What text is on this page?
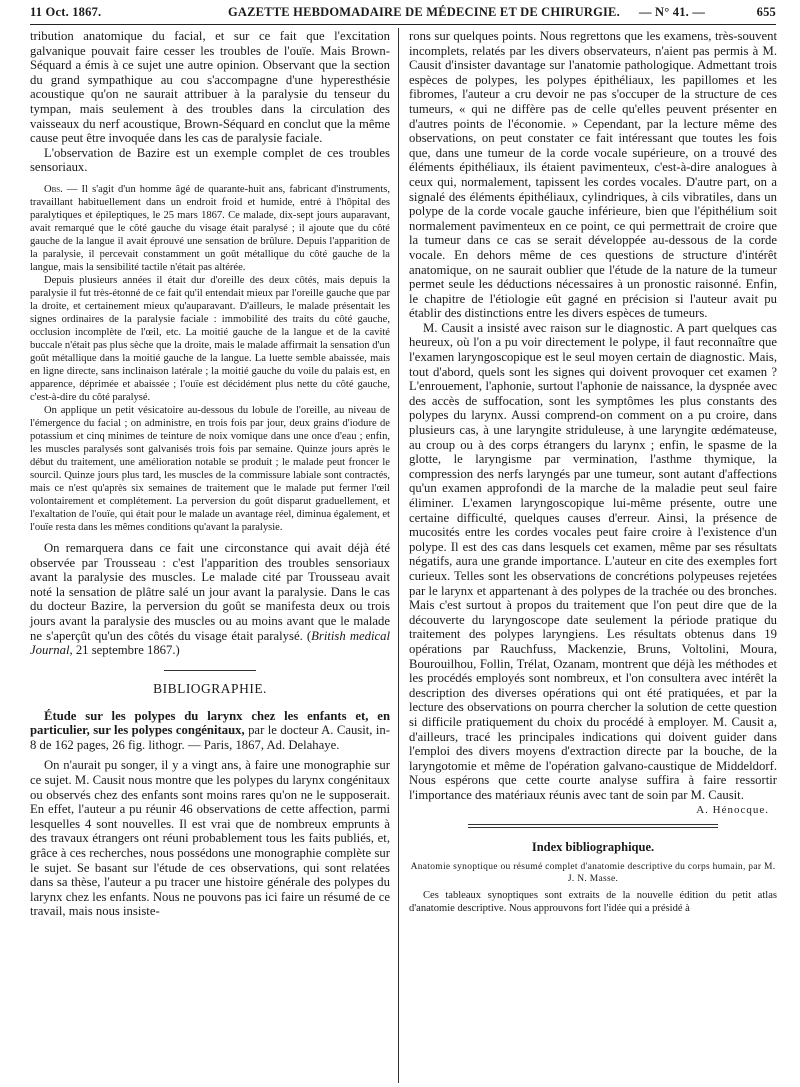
11 Oct. 1867.	GAZETTE HEBDOMADAIRE DE MÉDECINE ET DE CHIRURGIE. — N° 41. —	655

tribution anatomique du facial, et sur ce fait que l'excitation galvanique pouvait faire cesser les troubles de l'ouïe. Mais Brown-Séquard a émis à ce sujet une autre opinion. Observant que la section du grand sympathique au cou s'accompagne d'une hyperesthésie acoustique qu'on ne saurait attribuer à la paralysie du tenseur du tympan, mais seulement à des troubles dans la circulation des vaisseaux du nerf acoustique, Brown-Séquard en conclut que la même cause peut être invoquée dans les cas de paralysie faciale.

L'observation de Bazire est un exemple complet de ces troubles sensoriaux.

Obs. — Il s'agit d'un homme âgé de quarante-huit ans, fabricant d'instruments, travaillant habituellement dans un endroit froid et humide, entré à l'hôpital des paralytiques et épileptiques, le 25 mars 1867. Ce malade, dix-sept jours auparavant, avait remarqué que le côté gauche du visage était paralysé ; il ajoute que du côté gauche de la langue il avait éprouvé une sensation de brûlure. Depuis l'apparition de la paralysie, il percevait constamment un goût métallique du côté gauche de la langue, mais la sensibilité tactile n'était pas altérée.

Depuis plusieurs années il était dur d'oreille des deux côtés, mais depuis la paralysie il fut très-étonné de ce fait qu'il entendait mieux par l'oreille gauche que par la droite, et certainement mieux qu'auparavant. D'ailleurs, le malade présentait les signes ordinaires de la paralysie faciale : immobilité des traits du côté gauche, occlusion incomplète de l'œil, etc. La moitié gauche de la langue et de la cavité buccale n'était pas plus sèche que la droite, mais le malade affirmait la sensation d'un goût métallique dans la moitié gauche de la langue. La luette semble abaissée, mais en ligne directe, sans inclinaison latérale ; la moitié gauche du voile du palais est, en apparence, déprimée et abaissée ; l'ouïe est décidément plus nette du côté gauche, c'est-à-dire du côté paralysé.

On applique un petit vésicatoire au-dessous du lobule de l'oreille, au niveau de l'émergence du facial ; on administre, en trois fois par jour, deux grains d'iodure de potassium et cinq minimes de teinture de noix vomique dans une once d'eau ; enfin, les muscles paralysés sont galvanisés trois fois par semaine. Quinze jours après le début du traitement, une amélioration notable se produit ; le malade peut froncer le sourcil. Quinze jours plus tard, les muscles de la commissure labiale sont contractés, mais ce n'est qu'après six semaines de traitement que le malade put fermer l'œil volontairement et complétement. La perversion du goût disparut graduellement, et l'exaltation de l'ouïe, qui était pour le malade un avantage réel, diminua également, et l'ouïe resta dans les mêmes conditions qu'avant la paralysie.

On remarquera dans ce fait une circonstance qui avait déjà été observée par Trousseau : c'est l'apparition des troubles sensoriaux avant la paralysie des muscles. Le malade cité par Trousseau avait noté la sensation de plâtre salé un jour avant la paralysie. Dans le cas du docteur Bazire, la perversion du goût se manifesta deux ou trois jours avant la paralysie des muscles ou au moins avant que le malade ne s'aperçût qu'un des côtés du visage était paralysé. (British medical Journal, 21 septembre 1867.)

BIBLIOGRAPHIE.

Étude sur les polypes du larynx chez les enfants et, en particulier, sur les polypes congénitaux, par le docteur A. Causit, in-8 de 162 pages, 26 fig. lithogr. — Paris, 1867, Ad. Delahaye.

On n'aurait pu songer, il y a vingt ans, à faire une monographie sur ce sujet. M. Causit nous montre que les polypes du larynx congénitaux ou observés chez des enfants sont moins rares qu'on ne le supposerait. En effet, l'auteur a pu réunir 46 observations de cette affection, parmi lesquelles 4 sont nouvelles. Il est vrai que de nombreux emprunts à des travaux étrangers ont réuni probablement tous les faits publiés, et, grâce à ces recherches, nous possédons une monographie complète sur le sujet. Se basant sur l'étude de ces observations, qui sont relatées dans sa thèse, l'auteur a pu tracer une histoire générale des polypes du larynx chez les enfants. Nous ne pouvons pas ici faire un résumé de ce travail, mais nous insiste-

rons sur quelques points. Nous regrettons que les examens, très-souvent incomplets, relatés par les divers observateurs, n'aient pas permis à M. Causit d'insister davantage sur l'anatomie pathologique. Admettant trois espèces de polypes, les polypes épithéliaux, les papillomes et les fibromes, l'auteur a cru devoir ne pas s'occuper de la structure de ces tumeurs, « qui ne diffère pas de celle qu'elles peuvent présenter en d'autres points de l'économie. » Cependant, par la lecture même des observations, on peut constater ce fait intéressant que toutes les fois que, dans une tumeur de la corde vocale supérieure, on a trouvé des éléments épithéliaux, ils étaient pavimenteux, c'est-à-dire analogues à ceux qui, normalement, tapissent les cordes vocales. D'autre part, on a signalé des éléments épithéliaux, cylindriques, à cils vibratiles, dans un polype de la corde vocale gauche inférieure, bien que l'épithélium soit normalement pavimenteux en ce point, ce qui permettrait de croire que la tumeur dans ce cas se serait développée au-dessous de la corde vocale. En dehors même de ces questions de structure d'intérêt anatomique, on ne saurait oublier que l'étude de la nature de la tumeur permet seule les déductions nécessaires à un pronostic raisonné. Enfin, le chapitre de l'étiologie eût gagné en précision si l'auteur avait pu établir des distinctions entre les divers espèces de tumeurs.

M. Causit a insisté avec raison sur le diagnostic. A part quelques cas heureux, où l'on a pu voir directement le polype, il faut reconnaître que l'examen laryngoscopique est le seul moyen certain de diagnostic. Mais, tout d'abord, quels sont les signes qui doivent provoquer cet examen ? L'enrouement, l'aphonie, surtout l'aphonie de naissance, la dyspnée avec des accès de suffocation, sont les symptômes les plus constants des polypes du larynx. Aussi comprend-on comment on a pu croire, dans plusieurs cas, à une laryngite striduleuse, à une laryngite œdémateuse, au croup ou à des corps étrangers du larynx ; enfin, le spasme de la glotte, le laryngisme par vermination, l'asthme thymique, la compression des nerfs laryngés par une tumeur, sont autant d'affections qu'un examen approfondi de la marche de la maladie peut seul faire éliminer. L'examen laryngoscopique lui-même présente, outre une certaine difficulté, quelques causes d'erreur. Ainsi, la présence de mucosités entre les cordes vocales peut faire croire à l'existence d'un polype. Il est des cas dans lesquels cet examen, même par ses résultats négatifs, aura une grande importance. L'auteur en cite des exemples fort curieux. Telles sont les observations de concrétions polypeuses rejetées par le larynx et appartenant à des polypes de la trachée ou des bronches. Mais c'est surtout à propos du traitement que l'on peut dire que de la découverte du laryngoscope date seulement la période pratique du traitement des polypes laryngiens. Les résultats obtenus dans 19 opérations par Rauchfuss, Mackenzie, Bruns, Voltolini, Moura, Bourouilhou, Follin, Trélat, Ozanam, montrent que déjà les méthodes et les procédés employés sont nombreux, et l'on consultera avec intérêt la description des diverses opérations qui ont été pratiquées, et par la lecture des observations on pourra chercher la solution de cette question si difficile pratiquement du choix du procédé à employer. M. Causit a, d'ailleurs, tracé les principales indications qui doivent guider dans l'emploi des divers moyens d'extraction directe par la bouche, de la laryngotomie et même de l'opération galvano-caustique de Middeldorf. Nous espérons que cette courte analyse suffira à faire ressortir l'importance des matériaux réunis avec tant de soin par M. Causit.

A. Hénocque.
Index bibliographique.
Anatomie synoptique ou résumé complet d'anatomie descriptive du corps humain, par M. J. N. Masse.

Ces tableaux synoptiques sont extraits de la nouvelle édition du petit atlas d'anatomie descriptive. Nous approuvons fort l'idée qui a présidé à
